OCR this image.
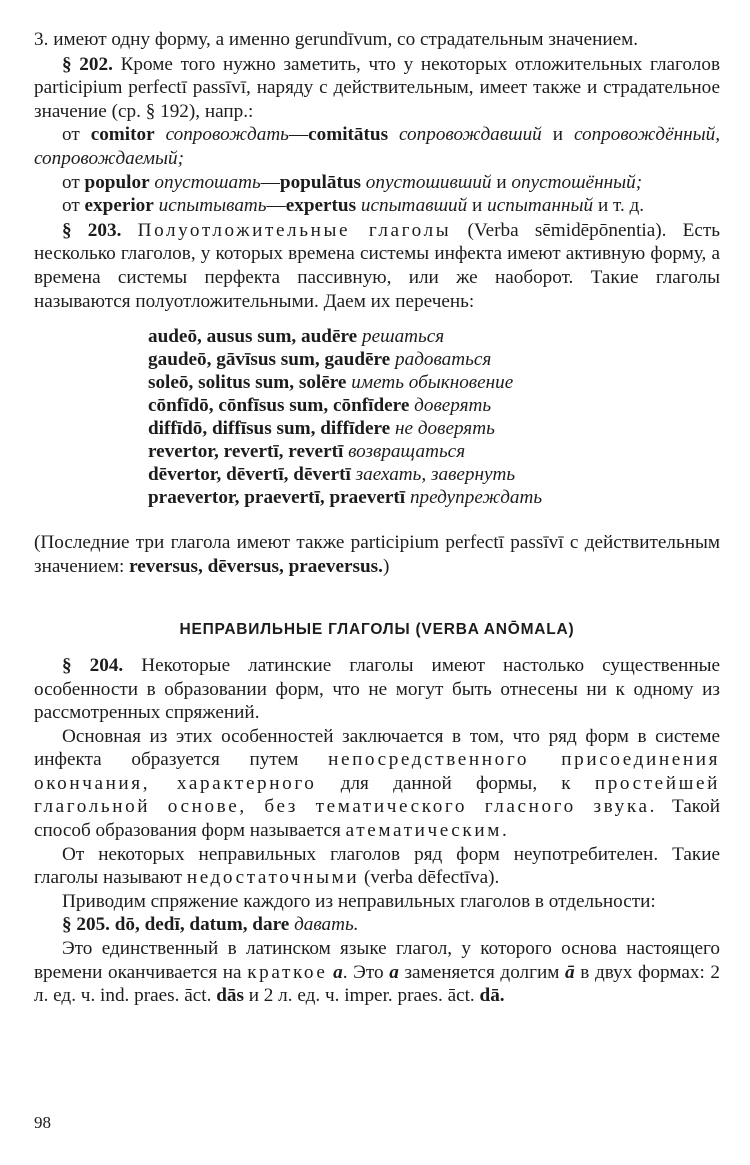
3. имеют одну форму, а именно gerundīvum, со страдательным значением.

§ 202. Кроме того нужно заметить, что у некоторых отложительных глаголов participium perfectī passīvī, наряду с действительным, имеет также и страдательное значение (ср. § 192), напр.:

от comitor сопровождать—comitātus сопровождавший и сопровождённый, сопровождаемый;

от populor опустошать—populātus опустошивший и опустошённый;

от experior испытывать—expertus испытавший и испытанный и т. д.

§ 203. Полуотложительные глаголы (Verba sēmidēpōnentia). Есть несколько глаголов, у которых времена системы инфекта имеют активную форму, а времена системы перфекта пассивную, или же наоборот. Такие глаголы называются полуотложительными. Даем их перечень:

audeō, ausus sum, audēre решаться
gaudeō, gāvīsus sum, gaudēre радоваться
soleō, solitus sum, solēre иметь обыкновение
cōnfīdō, cōnfīsus sum, cōnfīdere доверять
diffīdō, diffīsus sum, diffīdere не доверять
revertor, revertī, revertī возвращаться
dēvertor, dēvertī, dēvertī заехать, завернуть
praevertor, praevertī, praevertī предупреждать

(Последние три глагола имеют также participium perfectī passīvī с действительным значением: reversus, dēversus, praeversus.)

НЕПРАВИЛЬНЫЕ ГЛАГОЛЫ (VERBA ANŌMALA)

§ 204. Некоторые латинские глаголы имеют настолько существенные особенности в образовании форм, что не могут быть отнесены ни к одному из рассмотренных спряжений.

Основная из этих особенностей заключается в том, что ряд форм в системе инфекта образуется путем непосредственного присоединения окончания, характерного для данной формы, к простейшей глагольной основе, без тематического гласного звука. Такой способ образования форм называется атематическим.

От некоторых неправильных глаголов ряд форм неупотребителен. Такие глаголы называют недостаточными (verba dēfectīva).

Приводим спряжение каждого из неправильных глаголов в отдельности:

§ 205. dō, dedī, datum, dare давать.

Это единственный в латинском языке глагол, у которого основа настоящего времени оканчивается на краткое a. Это a заменяется долгим ā в двух формах: 2 л. ед. ч. ind. praes. āct. dās и 2 л. ед. ч. imper. praes. āct. dā.

98
